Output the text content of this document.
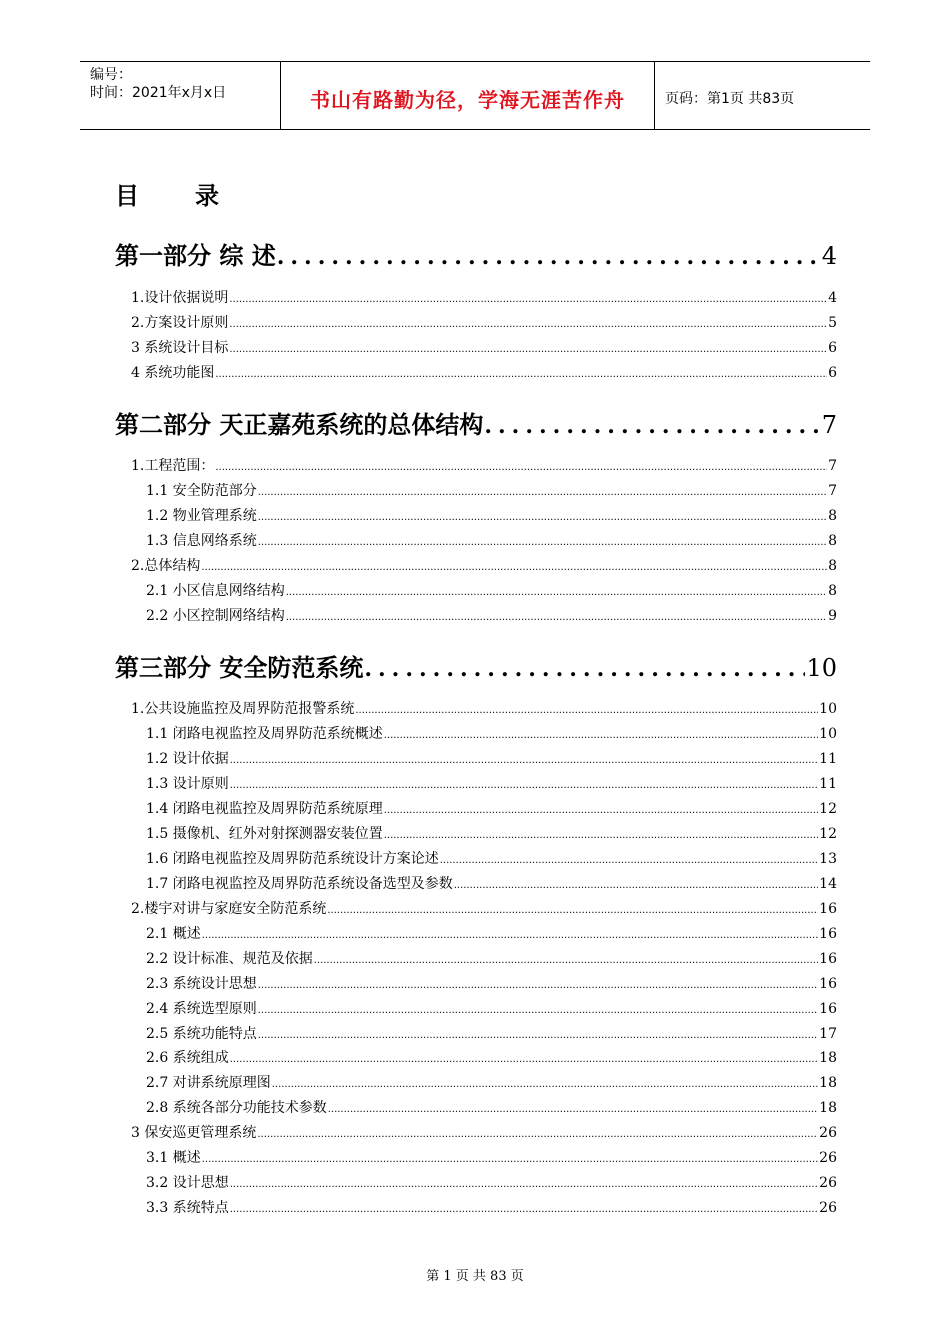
编号：
时间：2021年x月x日	书山有路勤为径，学海无涯苦作舟	页码：第1页 共83页
目录
第一部分 综 述 .....	4
1.设计依据说明 .....	4
2.方案设计原则 .....	5
3 系统设计目标 .....	6
4 系统功能图 .....	6
第二部分 天正嘉苑系统的总体结构 .....	7
1.工程范围： .....	7
1.1 安全防范部分 .....	7
1.2 物业管理系统 .....	8
1.3 信息网络系统 .....	8
2.总体结构 .....	8
2.1 小区信息网络结构 .....	8
2.2 小区控制网络结构 .....	9
第三部分 安全防范系统 .....	10
1.公共设施监控及周界防范报警系统 .....	10
1.1 闭路电视监控及周界防范系统概述 .....	10
1.2 设计依据 .....	11
1.3 设计原则 .....	11
1.4 闭路电视监控及周界防范系统原理 .....	12
1.5 摄像机、红外对射探测器安装位置 .....	12
1.6 闭路电视监控及周界防范系统设计方案论述 .....	13
1.7 闭路电视监控及周界防范系统设备选型及参数 .....	14
2.楼宇对讲与家庭安全防范系统 .....	16
2.1 概述 .....	16
2.2 设计标准、规范及依据 .....	16
2.3 系统设计思想 .....	16
2.4 系统选型原则 .....	16
2.5 系统功能特点 .....	17
2.6 系统组成 .....	18
2.7 对讲系统原理图 .....	18
2.8 系统各部分功能技术参数 .....	18
3 保安巡更管理系统 .....	26
3.1 概述 .....	26
3.2 设计思想 .....	26
3.3 系统特点 .....	26
第 1 页 共 83 页
